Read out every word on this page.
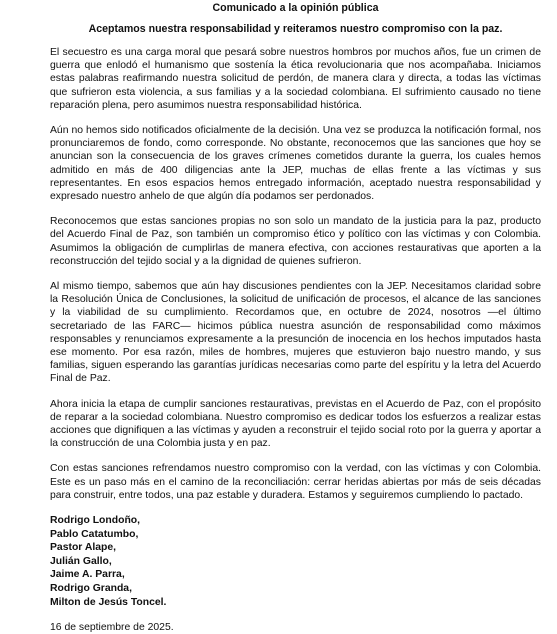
Comunicado a la opinión pública

Aceptamos nuestra responsabilidad y reiteramos nuestro compromiso con la paz.

El secuestro es una carga moral que pesará sobre nuestros hombros por muchos años, fue un crimen de guerra que enlodó el humanismo que sostenía la ética revolucionaria que nos acompañaba. Iniciamos estas palabras reafirmando nuestra solicitud de perdón, de manera clara y directa, a todas las víctimas que sufrieron esta violencia, a sus familias y a la sociedad colombiana. El sufrimiento causado no tiene reparación plena, pero asumimos nuestra responsabilidad histórica.

Aún no hemos sido notificados oficialmente de la decisión. Una vez se produzca la notificación formal, nos pronunciaremos de fondo, como corresponde. No obstante, reconocemos que las sanciones que hoy se anuncian son la consecuencia de los graves crímenes cometidos durante la guerra, los cuales hemos admitido en más de 400 diligencias ante la JEP, muchas de ellas frente a las víctimas y sus representantes. En esos espacios hemos entregado información, aceptado nuestra responsabilidad y expresado nuestro anhelo de que algún día podamos ser perdonados.

Reconocemos que estas sanciones propias no son solo un mandato de la justicia para la paz, producto del Acuerdo Final de Paz, son también un compromiso ético y político con las víctimas y con Colombia. Asumimos la obligación de cumplirlas de manera efectiva, con acciones restaurativas que aporten a la reconstrucción del tejido social y a la dignidad de quienes sufrieron.

Al mismo tiempo, sabemos que aún hay discusiones pendientes con la JEP. Necesitamos claridad sobre la Resolución Única de Conclusiones, la solicitud de unificación de procesos, el alcance de las sanciones y la viabilidad de su cumplimiento. Recordamos que, en octubre de 2024, nosotros —el último secretariado de las FARC— hicimos pública nuestra asunción de responsabilidad como máximos responsables y renunciamos expresamente a la presunción de inocencia en los hechos imputados hasta ese momento. Por esa razón, miles de hombres, mujeres que estuvieron bajo nuestro mando, y sus familias, siguen esperando las garantías jurídicas necesarias como parte del espíritu y la letra del Acuerdo Final de Paz.

Ahora inicia la etapa de cumplir sanciones restaurativas, previstas en el Acuerdo de Paz, con el propósito de reparar a la sociedad colombiana. Nuestro compromiso es dedicar todos los esfuerzos a realizar estas acciones que dignifiquen a las víctimas y ayuden a reconstruir el tejido social roto por la guerra y aportar a la construcción de una Colombia justa y en paz.

Con estas sanciones refrendamos nuestro compromiso con la verdad, con las víctimas y con Colombia. Este es un paso más en el camino de la reconciliación: cerrar heridas abiertas por más de seis décadas para construir, entre todos, una paz estable y duradera. Estamos y seguiremos cumpliendo lo pactado.

Rodrigo Londoño,
Pablo Catatumbo,
Pastor Alape,
Julián Gallo,
Jaime A. Parra,
Rodrigo Granda,
Milton de Jesús Toncel.

16 de septiembre de 2025.
